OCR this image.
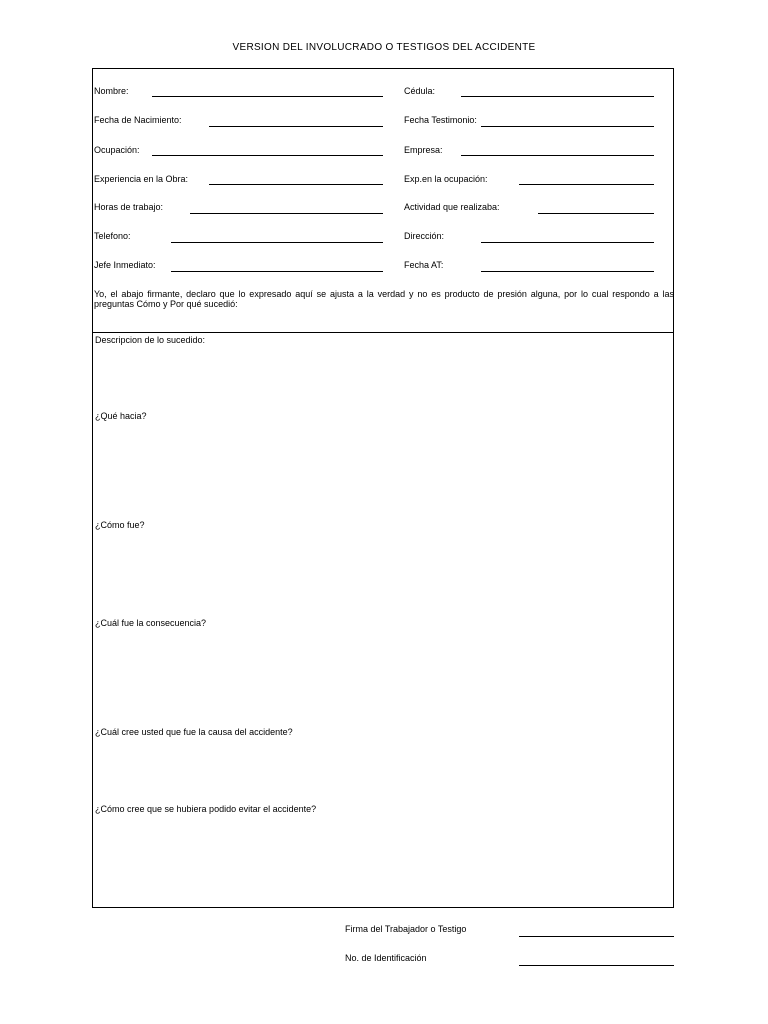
VERSION DEL INVOLUCRADO O TESTIGOS DEL ACCIDENTE
Nombre:
Fecha de Nacimiento:
Ocupación:
Experiencia en la Obra:
Horas de trabajo:
Telefono:
Jefe Inmediato:
Cédula:
Fecha Testimonio:
Empresa:
Exp.en la ocupación:
Actividad que realizaba:
Dirección:
Fecha AT:
Yo, el abajo firmante, declaro que lo expresado aquí se ajusta a la verdad y no es producto de presión alguna, por lo cual respondo a las preguntas Cómo y Por qué sucedió:
Descripcion de lo sucedido:
¿Qué hacia?
¿Cómo fue?
¿Cuál fue la consecuencia?
¿Cuál cree usted que fue la causa del accidente?
¿Cómo cree que se hubiera podido evitar el accidente?
Firma del Trabajador o Testigo
No. de Identificación
